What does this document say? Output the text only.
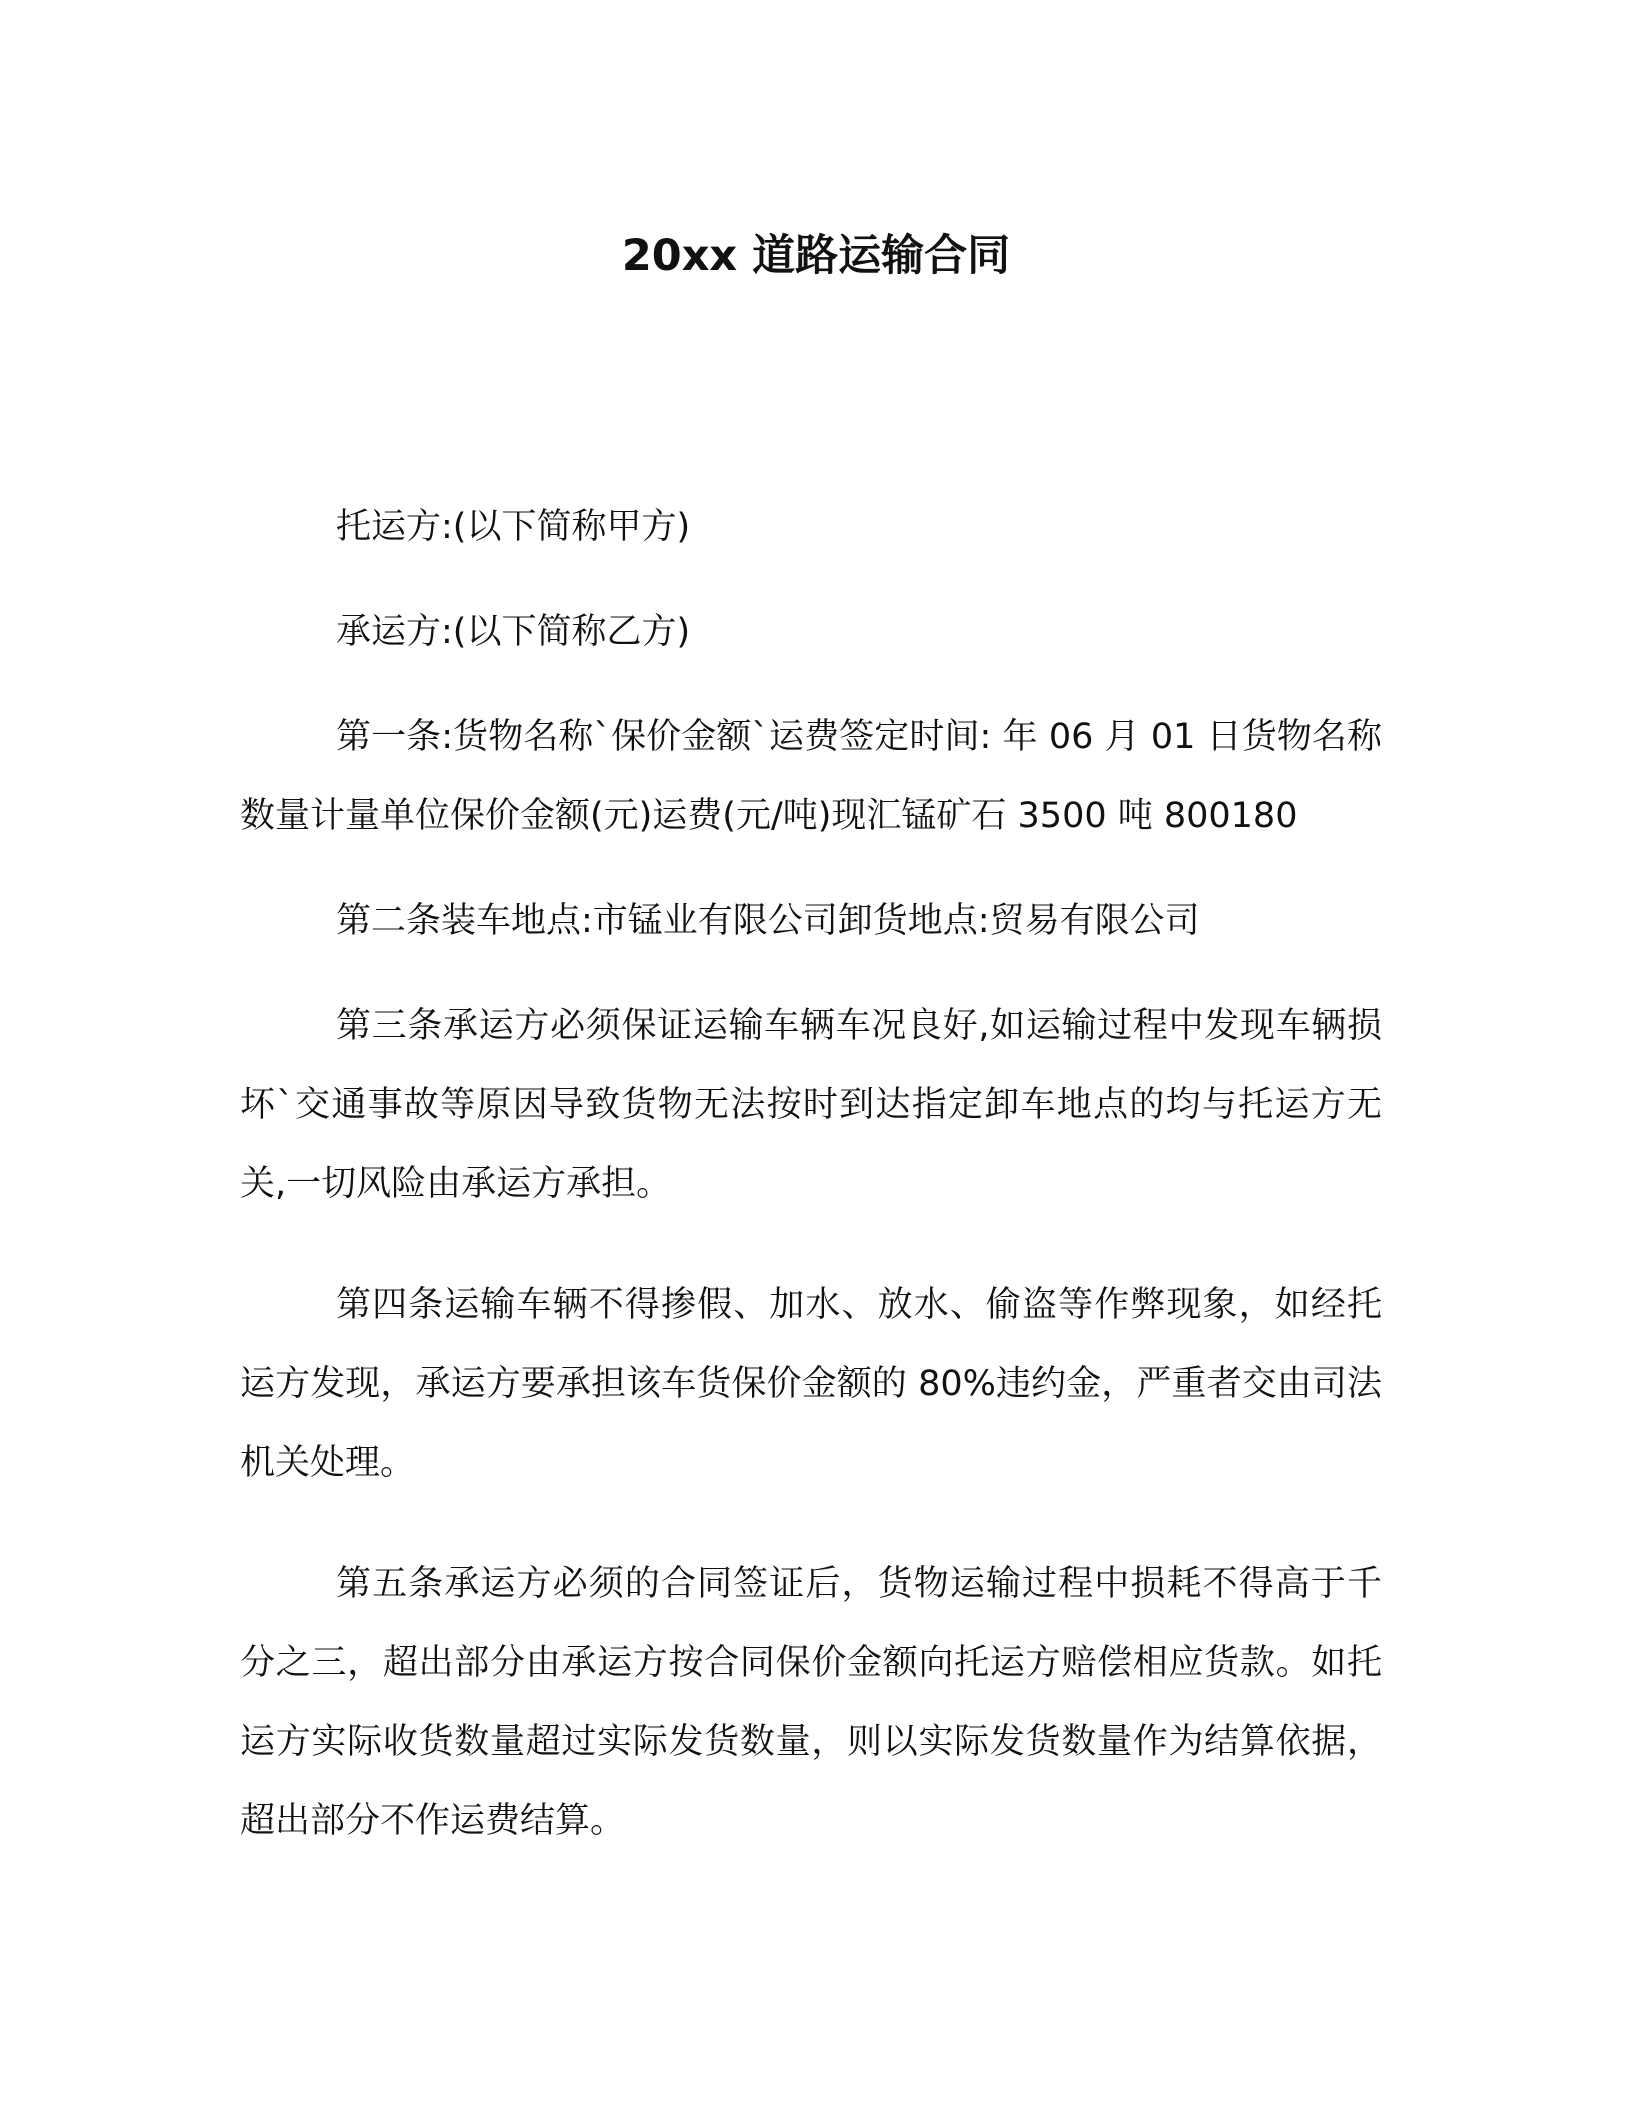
20xx 道路运输合同

托运方:(以下简称甲方)

承运方:(以下简称乙方)

第一条:货物名称`保价金额`运费签定时间: 年 06 月 01 日货物名称数量计量单位保价金额(元)运费(元/吨)现汇锰矿石 3500 吨 800180

第二条装车地点:市锰业有限公司卸货地点:贸易有限公司

第三条承运方必须保证运输车辆车况良好,如运输过程中发现车辆损坏`交通事故等原因导致货物无法按时到达指定卸车地点的均与托运方无关,一切风险由承运方承担。

第四条运输车辆不得掺假、加水、放水、偷盗等作弊现象，如经托运方发现，承运方要承担该车货保价金额的 80%违约金，严重者交由司法机关处理。

第五条承运方必须的合同签证后，货物运输过程中损耗不得高于千分之三，超出部分由承运方按合同保价金额向托运方赔偿相应货款。如托运方实际收货数量超过实际发货数量，则以实际发货数量作为结算依据，超出部分不作运费结算。
